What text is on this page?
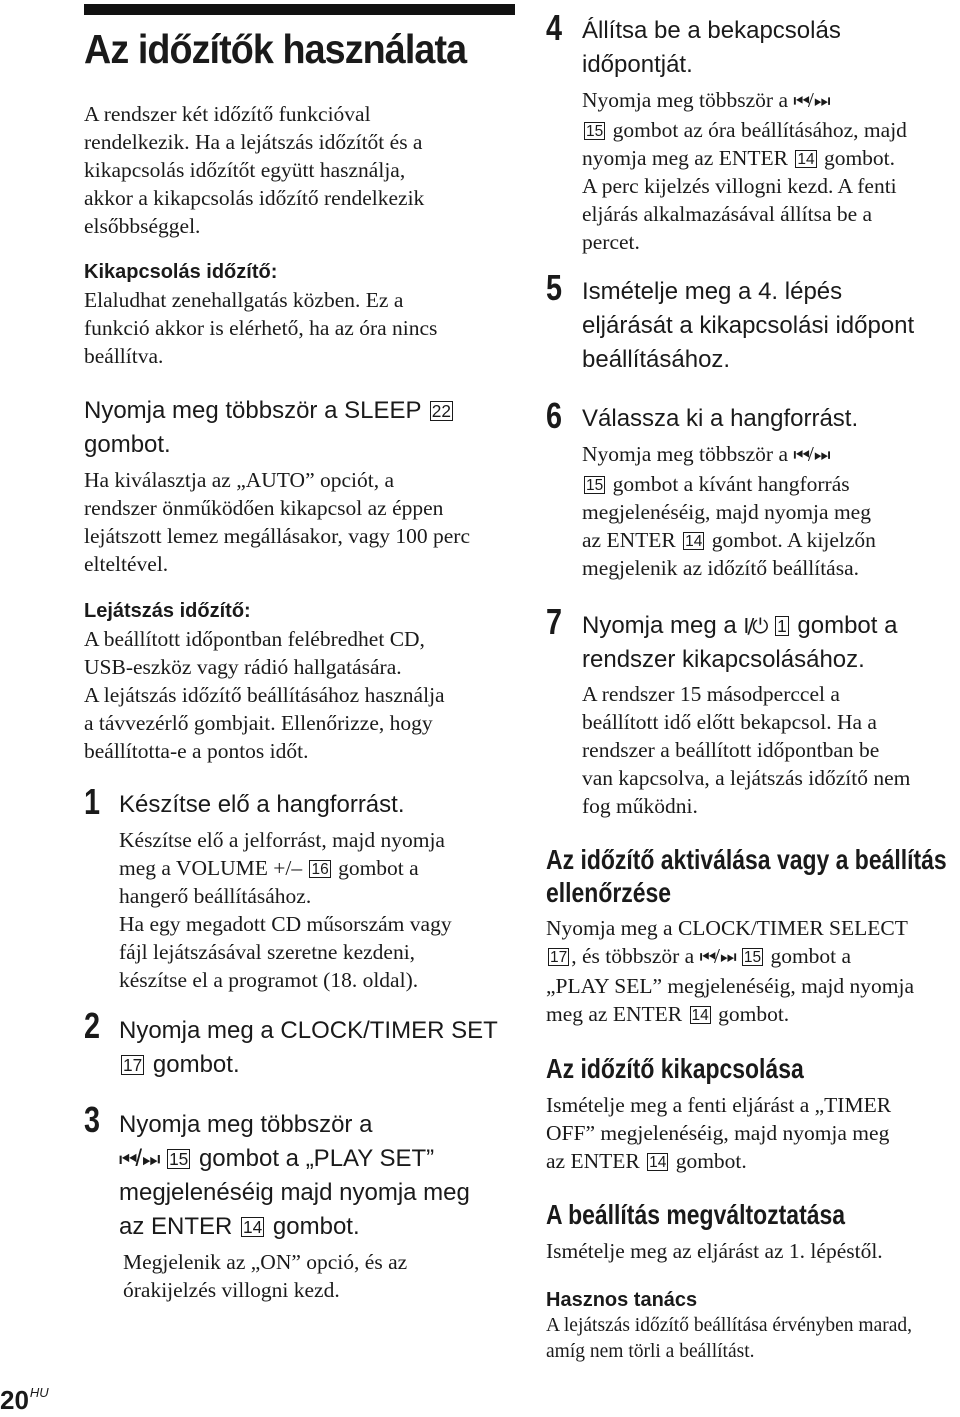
Az időzítők használata
A rendszer két időzítő funkcióval
rendelkezik. Ha a lejátszás időzítőt és a
kikapcsolás időzítőt együtt használja,
akkor a kikapcsolás időzítő rendelkezik
elsőbbséggel.
Kikapcsolás időzítő:
Elaludhat zenehallgatás közben. Ez a
funkció akkor is elérhető, ha az óra nincs
beállítva.
Nyomja meg többször a SLEEP 22
gombot.
Ha kiválasztja az „AUTO” opciót, a
rendszer önműködően kikapcsol az éppen
lejátszott lemez megállásakor, vagy 100 perc
elteltével.
Lejátszás időzítő:
A beállított időpontban felébredhet CD,
USB-eszköz vagy rádió hallgatására.
A lejátszás időzítő beállításához használja
a távvezérlő gombjait. Ellenőrizze, hogy
beállította-e a pontos időt.
1 Készítse elő a hangforrást.
Készítse elő a jelforrást, majd nyomja
meg a VOLUME +/– 16 gombot a
hangerő beállításához.
Ha egy megadott CD műsorszám vagy
fájl lejátszásával szeretne kezdeni,
készítse el a programot (18. oldal).
2 Nyomja meg a CLOCK/TIMER SET
17 gombot.
3 Nyomja meg többször a
⏮/⏭ 15 gombot a „PLAY SET”
megjelenéséig majd nyomja meg
az ENTER 14 gombot.
Megjelenik az „ON” opció, és az
órakijelzés villogni kezd.
$20^{HU}$
4 Állítsa be a bekapcsolás
időpontját.
Nyomja meg többször a ⏮/⏭
15 gombot az óra beállításához, majd
nyomja meg az ENTER 14 gombot.
A perc kijelzés villogni kezd. A fenti
eljárás alkalmazásával állítsa be a
percet.
5 Ismételje meg a 4. lépés
eljárását a kikapcsolási időpont
beállításához.
6 Válassza ki a hangforrást.
Nyomja meg többször a ⏮/⏭
15 gombot a kívánt hangforrás
megjelenéséig, majd nyomja meg
az ENTER 14 gombot. A kijelzőn
megjelenik az időzítő beállítása.
7 Nyomja meg a I/⏻ 1 gombot a
rendszer kikapcsolásához.
A rendszer 15 másodperccel a
beállított idő előtt bekapcsol. Ha a
rendszer a beállított időpontban be
van kapcsolva, a lejátszás időzítő nem
fog működni.
Az időzítő aktiválása vagy a beállítás
ellenőrzése
Nyomja meg a CLOCK/TIMER SELECT
17 , és többször a ⏮/⏭ 15 gombot a
„PLAY SEL” megjelenéséig, majd nyomja
meg az ENTER 14 gombot.
Az időzítő kikapcsolása
Ismételje meg a fenti eljárást a „TIMER
OFF” megjelenéséig, majd nyomja meg
az ENTER 14 gombot.
A beállítás megváltoztatása
Ismételje meg az eljárást az 1. lépéstől.
Hasznos tanács
A lejátszás időzítő beállítása érvényben marad,
amíg nem törli a beállítást.
